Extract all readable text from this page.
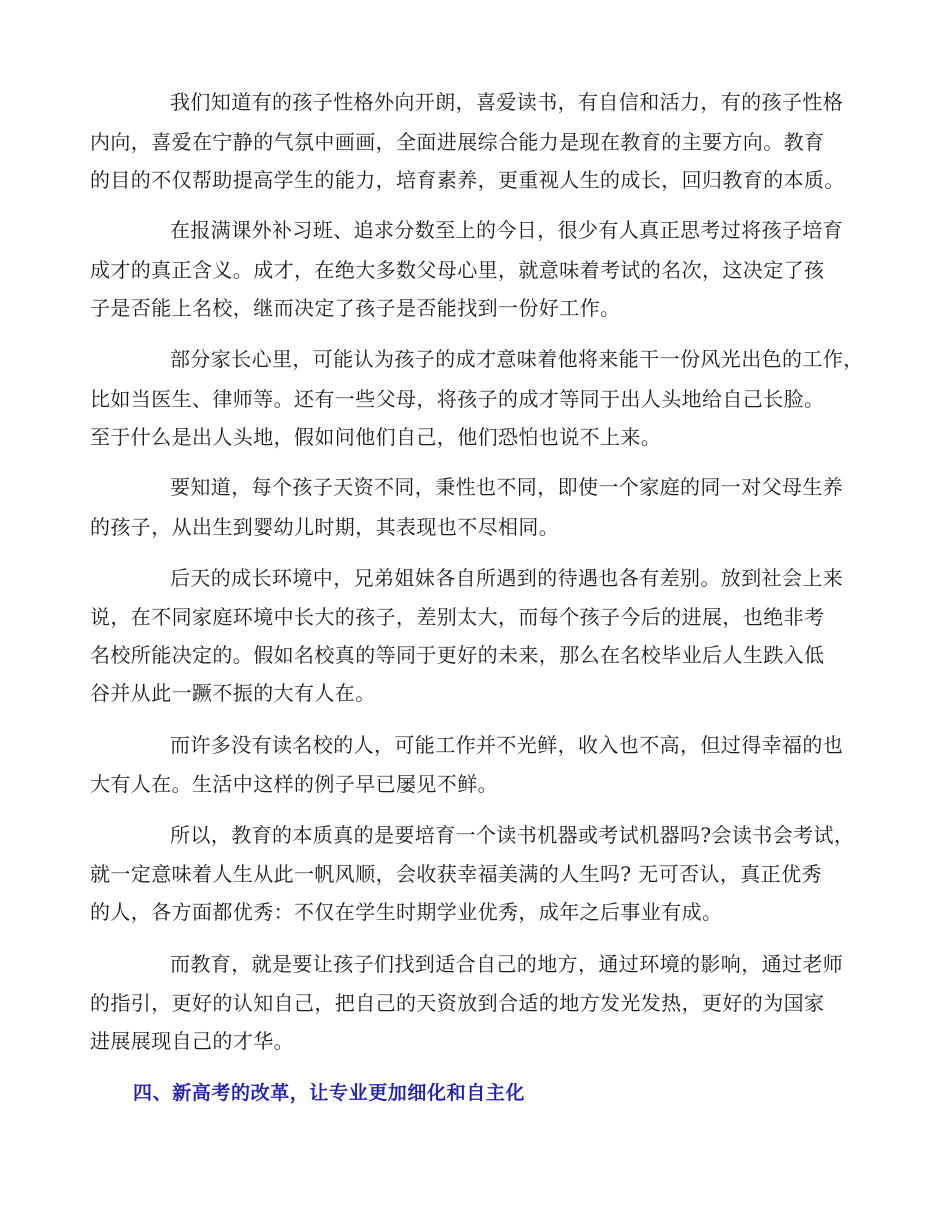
我们知道有的孩子性格外向开朗，喜爱读书，有自信和活力，有的孩子性格
内向，喜爱在宁静的气氛中画画，全面进展综合能力是现在教育的主要方向。教育
的目的不仅帮助提高学生的能力，培育素养，更重视人生的成长，回归教育的本质。
在报满课外补习班、追求分数至上的今日，很少有人真正思考过将孩子培育
成才的真正含义。成才，在绝大多数父母心里，就意味着考试的名次，这决定了孩
子是否能上名校，继而决定了孩子是否能找到一份好工作。
部分家长心里，可能认为孩子的成才意味着他将来能干一份风光出色的工作，
比如当医生、律师等。还有一些父母，将孩子的成才等同于出人头地给自己长脸。
至于什么是出人头地，假如问他们自己，他们恐怕也说不上来。
要知道，每个孩子天资不同，秉性也不同，即使一个家庭的同一对父母生养
的孩子，从出生到婴幼儿时期，其表现也不尽相同。
后天的成长环境中，兄弟姐妹各自所遇到的待遇也各有差别。放到社会上来
说，在不同家庭环境中长大的孩子，差别太大，而每个孩子今后的进展，也绝非考
名校所能决定的。假如名校真的等同于更好的未来，那么在名校毕业后人生跌入低
谷并从此一蹶不振的大有人在。
而许多没有读名校的人，可能工作并不光鲜，收入也不高，但过得幸福的也
大有人在。生活中这样的例子早已屡见不鲜。
所以，教育的本质真的是要培育一个读书机器或考试机器吗?会读书会考试，
就一定意味着人生从此一帆风顺，会收获幸福美满的人生吗? 无可否认，真正优秀
的人，各方面都优秀：不仅在学生时期学业优秀，成年之后事业有成。
而教育，就是要让孩子们找到适合自己的地方，通过环境的影响，通过老师
的指引，更好的认知自己，把自己的天资放到合适的地方发光发热，更好的为国家
进展展现自己的才华。
四、新高考的改革，让专业更加细化和自主化
